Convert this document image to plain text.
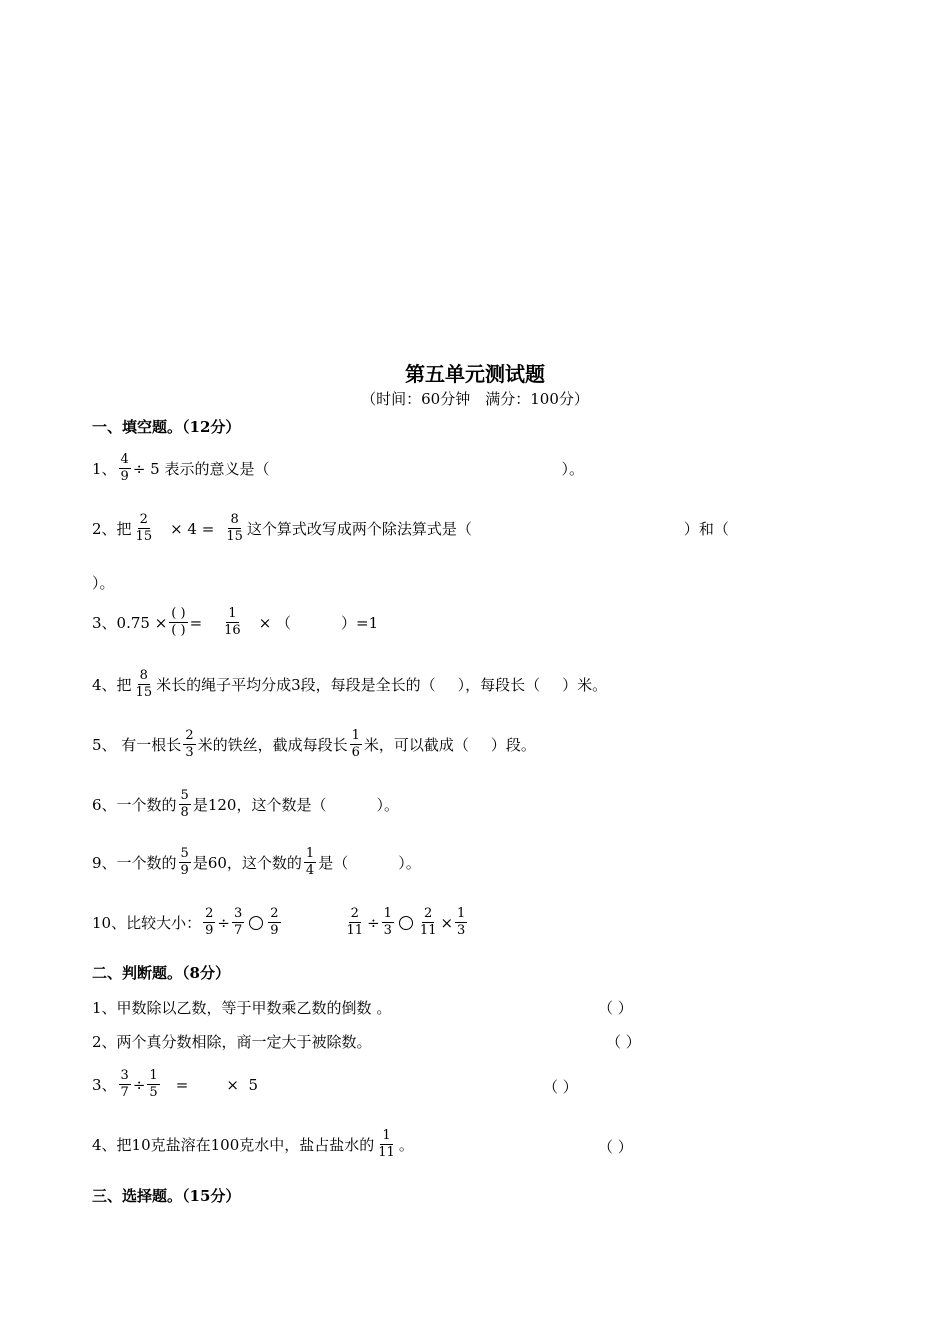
第五单元测试题
（时间：60分钟　满分：100分）
一、填空题。（12分）
1、 $\frac{4}{9} \div 5$ 表示的意义是（	）。
2、把 $\frac{2}{15} \times 4 = \frac{8}{15}$ 这个算式改写成两个除法算式是（	）和（
）。
3、$0.75 \times \frac{( )}{( )} = \frac{1}{16}$ × （	）=1
4、把 $\frac{8}{15}$ 米长的绳子平均分成3段，每段是全长的（ ），每段长（ ）米。
5、 有一根长 $\frac{2}{3}$ 米的铁丝，截成每段长 $\frac{1}{6}$ 米，可以截成（ ）段。
6、一个数的 $\frac{5}{8}$ 是120，这个数是（	）。
9、一个数的 $\frac{5}{9}$ 是60，这个数的 $\frac{1}{4}$ 是（	）。
10、比较大小： $\frac{2}{9} \div \frac{3}{7} \frac{2}{9}$	$\frac{2}{11} \div \frac{1}{3} \frac{2}{11} \times \frac{1}{3}$
二、判断题。（8分）
1、甲数除以乙数，等于甲数乘乙数的倒数 。	（ ）
2、两个真分数相除，商一定大于被除数。	（ ）
3、 $\frac{3}{7} \div \frac{1}{5}$ =        ×  5	（ ）
4、把10克盐溶在100克水中，盐占盐水的 $\frac{1}{11}$ 。	（ ）
三、选择题。（15分）
